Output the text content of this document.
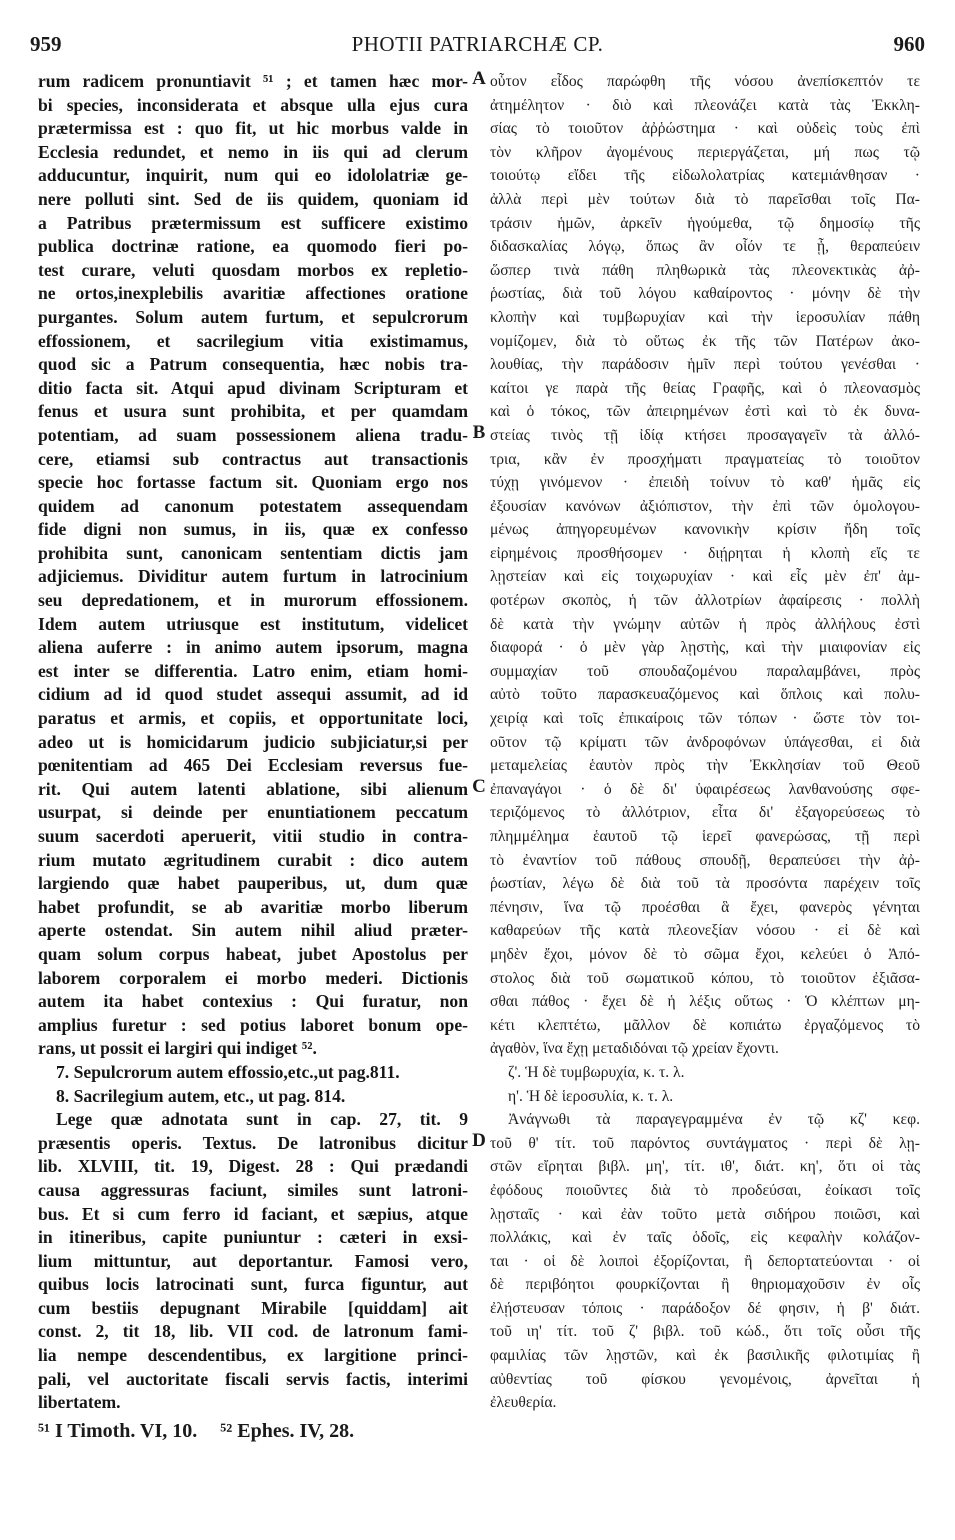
959	PHOTII PATRIARCHÆ CP.	960
A
B
C
D
rum radicem pronuntiavit ⁵¹ ; et tamen hæc mor-
bi species, inconsiderata et absque ulla ejus cura
prætermissa est : quo fit, ut hic morbus valde in
Ecclesia redundet, et nemo in iis qui ad clerum
adducuntur, inquirit, num qui eo idololatriæ ge-
nere polluti sint. Sed de iis quidem, quoniam id
a Patribus prætermissum est sufficere existimo
publica doctrinæ ratione, ea quomodo fieri po-
test curare, veluti quosdam morbos ex repletio-
ne ortos,inexplebilis avaritiæ affectiones oratione
purgantes. Solum autem furtum, et sepulcrorum
effossionem, et sacrilegium vitia existimamus,
quod sic a Patrum consequentia, hæc nobis tra-
ditio facta sit. Atqui apud divinam Scripturam et
fenus et usura sunt prohibita, et per quamdam
potentiam, ad suam possessionem aliena tradu-
cere, etiamsi sub contractus aut transactionis
specie hoc fortasse factum sit. Quoniam ergo nos
quidem ad canonum potestatem assequendam
fide digni non sumus, in iis, quæ ex confesso
prohibita sunt, canonicam sententiam dictis jam
adjiciemus. Dividitur autem furtum in latrocinium
seu depredationem, et in murorum effossionem.
Idem autem utriusque est institutum, videlicet
aliena auferre : in animo autem ipsorum, magna
est inter se differentia. Latro enim, etiam homi-
cidium ad id quod studet assequi assumit, ad id
paratus et armis, et copiis, et opportunitate loci,
adeo ut is homicidarum judicio subjiciatur,si per
pœnitentiam ad 465 Dei Ecclesiam reversus fue-
rit. Qui autem latenti ablatione, sibi alienum
usurpat, si deinde per enuntiationem peccatum
suum sacerdoti aperuerit, vitii studio in contra-
rium mutato ægritudinem curabit : dico autem
largiendo quæ habet pauperibus, ut, dum quæ
habet profundit, se ab avaritiæ morbo liberum
aperte ostendat. Sin autem nihil aliud præter-
quam solum corpus habeat, jubet Apostolus per
laborem corporalem ei morbo mederi. Dictionis
autem ita habet contexius : Qui furatur, non
amplius furetur : sed potius laboret bonum ope-
rans, ut possit ei largiri qui indiget ⁵².
7. Sepulcrorum autem effossio,etc.,ut pag.811.
8. Sacrilegium autem, etc., ut pag. 814.
Lege quæ adnotata sunt in cap. 27, tit. 9
præsentis operis. Textus. De latronibus dicitur
lib. XLVIII, tit. 19, Digest. 28 : Qui prædandi
causa aggressuras faciunt, similes sunt latroni-
bus. Et si cum ferro id faciant, et sæpius, atque
in itineribus, capite puniuntur : cæteri in exsi-
lium mittuntur, aut deportantur. Famosi vero,
quibus locis latrocinati sunt, furca figuntur, aut
cum bestiis depugnant Mirabile [quiddam] ait
const. 2, tit 18, lib. VII cod. de latronum fami-
lia nempe descendentibus, ex largitione princi-
pali, vel auctoritate fiscali servis factis, interimi
libertatem.
οὗτον εἶδος παρώφθη τῆς νόσου ἀνεπίσκεπτόν τε
ἀτημέλητον · διὸ καὶ πλεονάζει κατὰ τὰς Ἐκκλη-
σίας τὸ τοιοῦτον ἀῤῥώστημα · καὶ οὐδεὶς τοὺς ἐπὶ
τὸν κλῆρον ἀγομένους περιεργάζεται, μή πως τῷ
τοιούτῳ εἴδει τῆς εἰδωλολατρίας κατεμιάνθησαν ·
ἀλλὰ περὶ μὲν τούτων διὰ τὸ παρεῖσθαι τοῖς Πα-
τράσιν ἡμῶν, ἀρκεῖν ἡγούμεθα, τῷ δημοσίῳ τῆς
διδασκαλίας λόγῳ, ὅπως ἂν οἷόν τε ᾖ, θεραπεύειν
ὥσπερ τινὰ πάθη πληθωρικὰ τὰς πλεονεκτικὰς ἀῤ-
ῥωστίας, διὰ τοῦ λόγου καθαίροντος · μόνην δὲ τὴν
κλοπὴν καὶ τυμβωρυχίαν καὶ τὴν ἱεροσυλίαν πάθη
νομίζομεν, διὰ τὸ οὕτως ἐκ τῆς τῶν Πατέρων ἀκο-
λουθίας, τὴν παράδοσιν ἡμῖν περὶ τούτου γενέσθαι ·
καίτοι γε παρὰ τῆς θείας Γραφῆς, καὶ ὁ πλεονασμὸς
καὶ ὁ τόκος, τῶν ἀπειρημένων ἐστὶ καὶ τὸ ἐκ δυνα-
στείας τινὸς τῇ ἰδίᾳ κτήσει προσαγαγεῖν τὰ ἀλλό-
τρια, κἂν ἐν προσχήματι πραγματείας τὸ τοιοῦτον
τύχῃ γινόμενον · ἐπειδὴ τοίνυν τὸ καθ' ἡμᾶς εἰς
ἐξουσίαν κανόνων ἀξιόπιστον, τὴν ἐπὶ τῶν ὁμολογου-
μένως ἀπηγορευμένων κανονικὴν κρίσιν ἤδη τοῖς
εἰρημένοις προσθήσομεν · διῄρηται ἡ κλοπὴ εἴς τε
λῃστείαν καὶ εἰς τοιχωρυχίαν · καὶ εἷς μὲν ἐπ' ἀμ-
φοτέρων σκοπὸς, ἡ τῶν ἀλλοτρίων ἀφαίρεσις · πολλὴ
δὲ κατὰ τὴν γνώμην αὐτῶν ἡ πρὸς ἀλλήλους ἐστὶ
διαφορά · ὁ μὲν γὰρ λῃστὴς, καὶ τὴν μιαιφονίαν εἰς
συμμαχίαν τοῦ σπουδαζομένου παραλαμβάνει, πρὸς
αὐτὸ τοῦτο παρασκευαζόμενος καὶ ὅπλοις καὶ πολυ-
χειρίᾳ καὶ τοῖς ἐπικαίροις τῶν τόπων · ὥστε τὸν τοι-
οῦτον τῷ κρίματι τῶν ἀνδροφόνων ὑπάγεσθαι, εἰ διὰ
μεταμελείας ἑαυτὸν πρὸς τὴν Ἐκκλησίαν τοῦ Θεοῦ
ἐπαναγάγοι · ὁ δὲ δι' ὑφαιρέσεως λανθανούσης σφε-
τεριζόμενος τὸ ἀλλότριον, εἶτα δι' ἐξαγορεύσεως τὸ
πλημμέλημα ἑαυτοῦ τῷ ἱερεῖ φανερώσας, τῇ περὶ
τὸ ἐναντίον τοῦ πάθους σπουδῇ, θεραπεύσει τὴν ἀῤ-
ῥωστίαν, λέγω δὲ διὰ τοῦ τὰ προσόντα παρέχειν τοῖς
πένησιν, ἵνα τῷ προέσθαι ἃ ἔχει, φανερὸς γένηται
καθαρεύων τῆς κατὰ πλεονεξίαν νόσου · εἰ δὲ καὶ
μηδὲν ἔχοι, μόνον δὲ τὸ σῶμα ἔχοι, κελεύει ὁ Ἀπό-
στολος διὰ τοῦ σωματικοῦ κόπου, τὸ τοιοῦτον ἐξιᾶσα-
σθαι πάθος · ἔχει δὲ ἡ λέξις οὕτως · Ὁ κλέπτων μη-
κέτι κλεπτέτω, μᾶλλον δὲ κοπιάτω ἐργαζόμενος τὸ
ἀγαθὸν, ἵνα ἔχῃ μεταδιδόναι τῷ χρείαν ἔχοντι.
ζ'. Ἡ δὲ τυμβωρυχία, κ. τ. λ.
η'. Ἡ δὲ ἱεροσυλία, κ. τ. λ.
Ἀνάγνωθι τὰ παραγεγραμμένα ἐν τῷ κζ' κεφ.
τοῦ θ' τίτ. τοῦ παρόντος συντάγματος · περὶ δὲ λῃ-
στῶν εἴρηται βιβλ. μη', τίτ. ιθ', διάτ. κη', ὅτι οἱ τὰς
ἐφόδους ποιοῦντες διὰ τὸ προδεύσαι, ἐοίκασι τοῖς
λῃσταῖς · καὶ ἐὰν τοῦτο μετὰ σιδήρου ποιῶσι, καὶ
πολλάκις, καὶ ἐν ταῖς ὁδοῖς, εἰς κεφαλὴν κολάζον-
ται · οἱ δὲ λοιποὶ ἐξορίζονται, ἢ δεπορτατεύονται · οἱ
δὲ περιβόητοι φουρκίζονται ἢ θηριομαχοῦσιν ἐν οἷς
ἐλῄστευσαν τόποις · παράδοξον δέ φησιν, ἡ β' διάτ.
τοῦ ιη' τίτ. τοῦ ζ' βιβλ. τοῦ κώδ., ὅτι τοῖς οὖσι τῆς
φαμιλίας τῶν λῃστῶν, καὶ ἐκ βασιλικῆς φιλοτιμίας ἢ
αὐθεντίας τοῦ φίσκου γενομένοις, ἀρνεῖται ἡ
ἐλευθερία.
⁵¹ I Timoth. VI, 10. ⁵² Ephes. IV, 28.
